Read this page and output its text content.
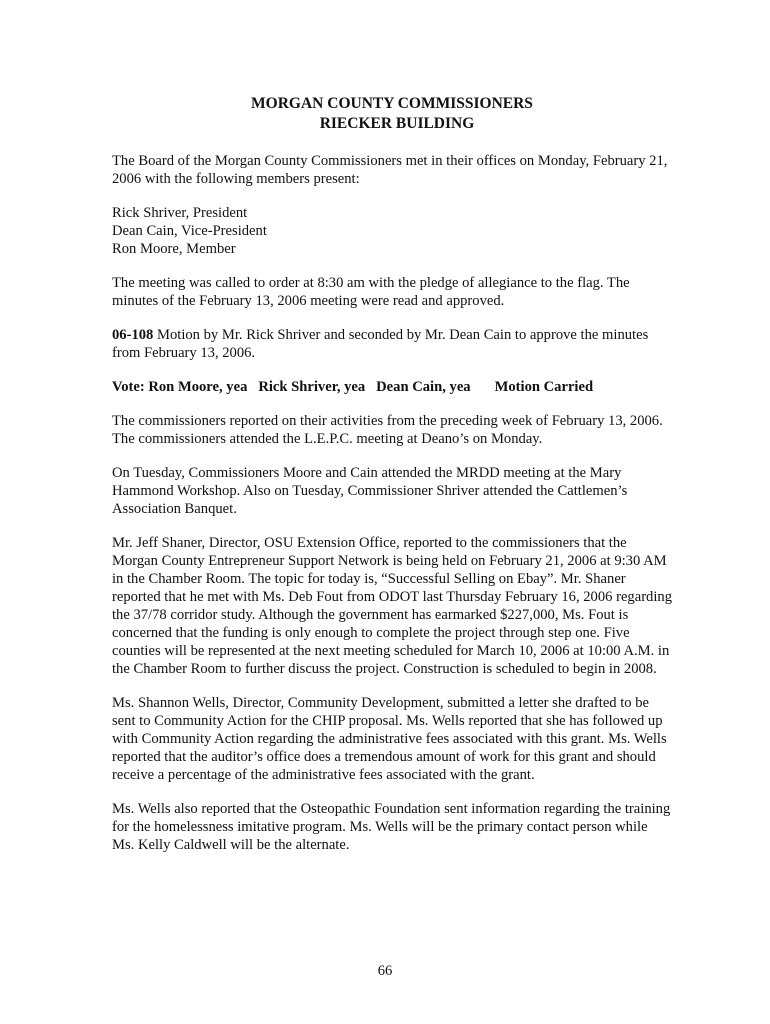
MORGAN COUNTY COMMISSIONERS
RIECKER BUILDING

The Board of the Morgan County Commissioners met in their offices on Monday, February 21, 2006 with the following members present:

Rick Shriver, President

Dean Cain, Vice-President

Ron Moore, Member

The meeting was called to order at 8:30 am with the pledge of allegiance to the flag. The minutes of the February 13, 2006 meeting were read and approved.

06-108 Motion by Mr. Rick Shriver and seconded by Mr. Dean Cain to approve the minutes from February 13, 2006.

Vote: Ron Moore, yea   Rick Shriver, yea   Dean Cain, yea Motion Carried

The commissioners reported on their activities from the preceding week of February 13, 2006.

The commissioners attended the L.E.P.C. meeting at Deano’s on Monday.

On Tuesday, Commissioners Moore and Cain attended the MRDD meeting at the Mary Hammond Workshop. Also on Tuesday, Commissioner Shriver attended the Cattlemen’s Association Banquet.

Mr. Jeff Shaner, Director, OSU Extension Office, reported to the commissioners that the Morgan County Entrepreneur Support Network is being held on February 21, 2006 at 9:30 AM in the Chamber Room. The topic for today is, “Successful Selling on Ebay”. Mr. Shaner reported that he met with Ms. Deb Fout from ODOT last Thursday February 16, 2006 regarding the 37/78 corridor study. Although the government has earmarked $227,000, Ms. Fout is concerned that the funding is only enough to complete the project through step one. Five counties will be represented at the next meeting scheduled for March 10, 2006 at 10:00 A.M. in the Chamber Room to further discuss the project. Construction is scheduled to begin in 2008.

Ms. Shannon Wells, Director, Community Development, submitted a letter she drafted to be sent to Community Action for the CHIP proposal. Ms. Wells reported that she has followed up with Community Action regarding the administrative fees associated with this grant. Ms. Wells reported that the auditor’s office does a tremendous amount of work for this grant and should receive a percentage of the administrative fees associated with the grant.

Ms. Wells also reported that the Osteopathic Foundation sent information regarding the training for the homelessness imitative program. Ms. Wells will be the primary contact person while Ms. Kelly Caldwell will be the alternate.

66
